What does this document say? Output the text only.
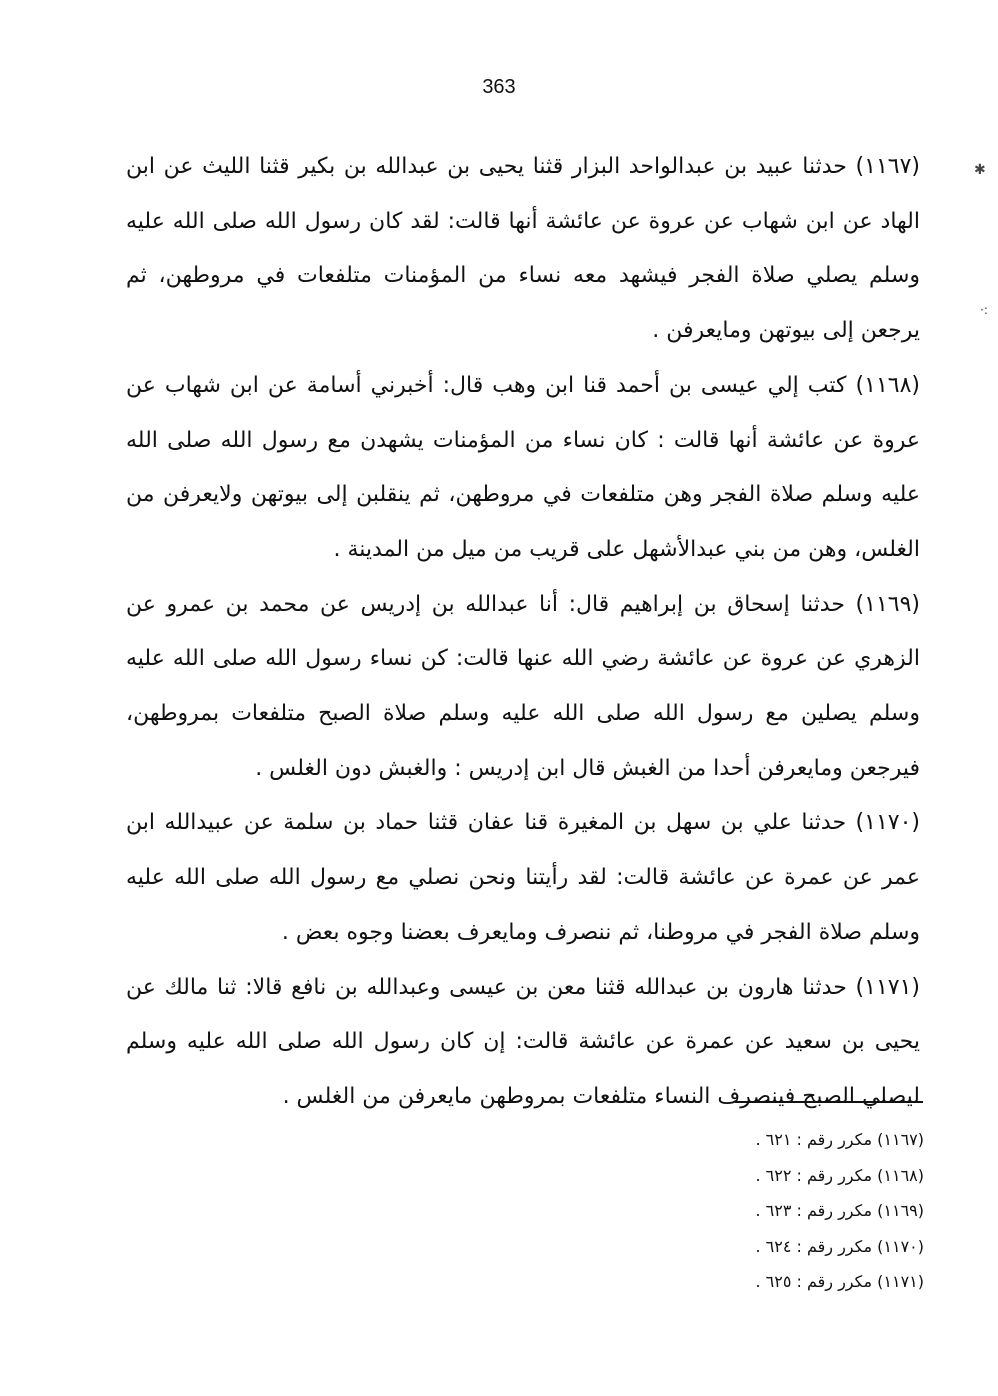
363
✱
·:

(١١٦٧) حدثنا عبيد بن عبدالواحد البزار قثنا يحيى بن عبدالله بن بكير قثنا الليث عن ابن الهاد عن ابن شهاب عن عروة عن عائشة أنها قالت: لقد كان رسول الله صلى الله عليه وسلم يصلي صلاة الفجر فيشهد معه نساء من المؤمنات متلفعات في مروطهن، ثم يرجعن إلى بيوتهن ومايعرفن .

(١١٦٨) كتب إلي عيسى بن أحمد قنا ابن وهب قال: أخبرني أسامة عن ابن شهاب عن عروة عن عائشة أنها قالت : كان نساء من المؤمنات يشهدن مع رسول الله صلى الله عليه وسلم صلاة الفجر وهن متلفعات في مروطهن، ثم ينقلبن إلى بيوتهن ولايعرفن من الغلس، وهن من بني عبدالأشهل على قريب من ميل من المدينة .

(١١٦٩) حدثنا إسحاق بن إبراهيم قال: أنا عبدالله بن إدريس عن محمد بن عمرو عن الزهري عن عروة عن عائشة رضي الله عنها قالت: كن نساء رسول الله صلى الله عليه وسلم يصلين مع رسول الله صلى الله عليه وسلم صلاة الصبح متلفعات بمروطهن، فيرجعن ومايعرفن أحدا من الغبش قال ابن إدريس : والغبش دون الغلس .

(١١٧٠) حدثنا علي بن سهل بن المغيرة قنا عفان قثنا حماد بن سلمة عن عبيدالله ابن عمر عن عمرة عن عائشة قالت: لقد رأيتنا ونحن نصلي مع رسول الله صلى الله عليه وسلم صلاة الفجر في مروطنا، ثم ننصرف ومايعرف بعضنا وجوه بعض .

(١١٧١) حدثنا هارون بن عبدالله قثنا معن بن عيسى وعبدالله بن نافع قالا: ثنا مالك عن يحيى بن سعيد عن عمرة عن عائشة قالت: إن كان رسول الله صلى الله عليه وسلم ليصلي الصبح فينصرف النساء متلفعات بمروطهن مايعرفن من الغلس .

(١١٦٧) مكرر رقم : ٦٢١ .

(١١٦٨) مكرر رقم : ٦٢٢ .

(١١٦٩) مكرر رقم : ٦٢٣ .

(١١٧٠) مكرر رقم : ٦٢٤ .

(١١٧١) مكرر رقم : ٦٢٥ .
